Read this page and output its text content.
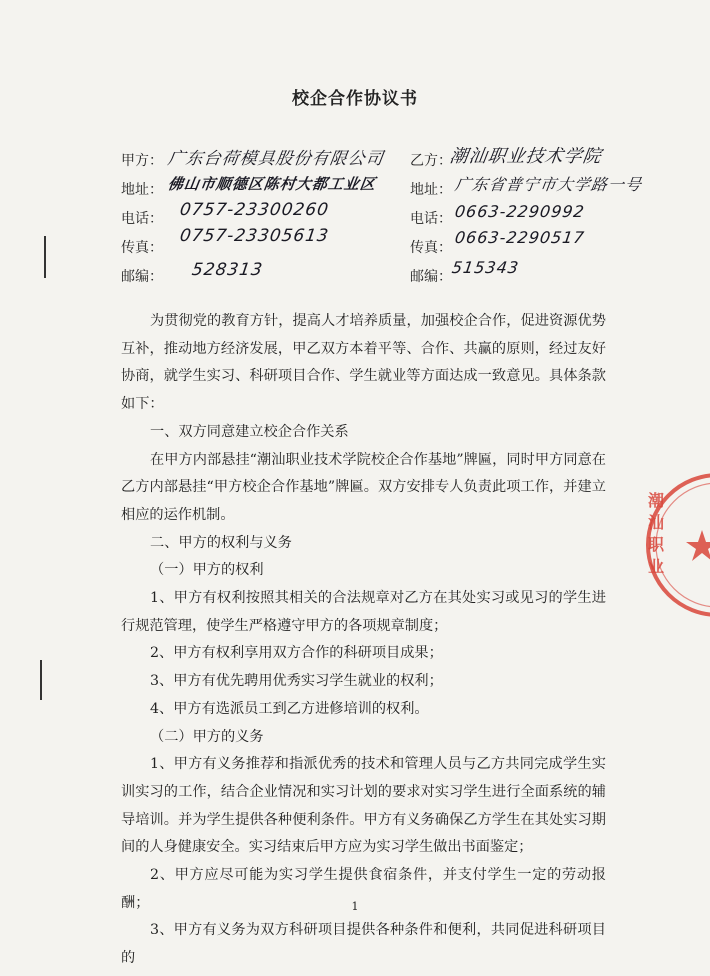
校企合作协议书
甲方： 广东台荷模具股份有限公司
地址： 佛山市顺德区陈村大都工业区
电话： 0757-23300260
传真：
0757-23305613
邮编： 528313
乙方：
潮汕职业技术学院
地址： 广东省普宁市大学路一号
电话： 0663-2290992
传真：
0663-2290517
邮编：
515343

为贯彻党的教育方针，提高人才培养质量，加强校企合作，促进资源优势互补，推动地方经济发展，甲乙双方本着平等、合作、共赢的原则，经过友好协商，就学生实习、科研项目合作、学生就业等方面达成一致意见。具体条款如下：

一、双方同意建立校企合作关系

在甲方内部悬挂“潮汕职业技术学院校企合作基地”牌匾，同时甲方同意在乙方内部悬挂“甲方校企合作基地”牌匾。双方安排专人负责此项工作，并建立相应的运作机制。

二、甲方的权利与义务

（一）甲方的权利

1、甲方有权利按照其相关的合法规章对乙方在其处实习或见习的学生进行规范管理，使学生严格遵守甲方的各项规章制度；

2、甲方有权利享用双方合作的科研项目成果；

3、甲方有优先聘用优秀实习学生就业的权利；

4、甲方有选派员工到乙方进修培训的权利。

（二）甲方的义务

1、甲方有义务推荐和指派优秀的技术和管理人员与乙方共同完成学生实训实习的工作，结合企业情况和实习计划的要求对实习学生进行全面系统的辅导培训。并为学生提供各种便利条件。甲方有义务确保乙方学生在其处实习期间的人身健康安全。实习结束后甲方应为实习学生做出书面鉴定；

2、甲方应尽可能为实习学生提供食宿条件，并支付学生一定的劳动报酬；

3、甲方有义务为双方科研项目提供各种条件和便利，共同促进科研项目的

1
潮汕职业
